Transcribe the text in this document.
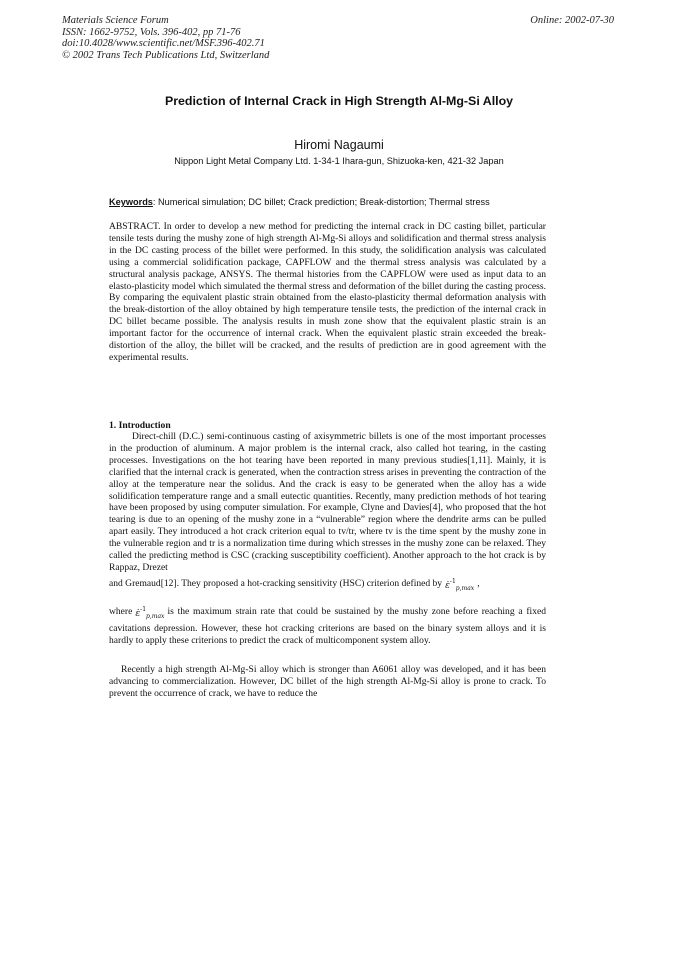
Materials Science Forum
ISSN: 1662-9752, Vols. 396-402, pp 71-76
doi:10.4028/www.scientific.net/MSF.396-402.71
© 2002 Trans Tech Publications Ltd, Switzerland
Online: 2002-07-30
Prediction of Internal Crack in High Strength Al-Mg-Si Alloy
Hiromi Nagaumi
Nippon Light Metal Company Ltd. 1-34-1 Ihara-gun, Shizuoka-ken, 421-32 Japan
Keywords: Numerical simulation; DC billet; Crack prediction; Break-distortion; Thermal stress

ABSTRACT. In order to develop a new method for predicting the internal crack in DC casting billet, particular tensile tests during the mushy zone of high strength Al-Mg-Si alloys and solidification and thermal stress analysis in the DC casting process of the billet were performed. In this study, the solidification analysis was calculated using a commercial solidification package, CAPFLOW and the thermal stress analysis was calculated by a structural analysis package, ANSYS. The thermal histories from the CAPFLOW were used as input data to an elasto-plasticity model which simulated the thermal stress and deformation of the billet during the casting process. By comparing the equivalent plastic strain obtained from the elasto-plasticity thermal deformation analysis with the break-distortion of the alloy obtained by high temperature tensile tests, the prediction of the internal crack in DC billet became possible. The analysis results in mush zone show that the equivalent plastic strain is an important factor for the occurrence of internal crack. When the equivalent plastic strain exceeded the break-distortion of the alloy, the billet will be cracked, and the results of prediction are in good agreement with the experimental results.

1. Introduction

Direct-chill (D.C.) semi-continuous casting of axisymmetric billets is one of the most important processes in the production of aluminum. A major problem is the internal crack, also called hot tearing, in the casting processes. Investigations on the hot tearing have been reported in many previous studies[1,11]. Mainly, it is clarified that the internal crack is generated, when the contraction stress arises in preventing the contraction of the alloy at the temperature near the solidus. And the crack is easy to be generated when the alloy has a wide solidification temperature range and a small eutectic quantities. Recently, many prediction methods of hot tearing have been proposed by using computer simulation. For example, Clyne and Davies[4], who proposed that the hot tearing is due to an opening of the mushy zone in a “vulnerable” region where the dendrite arms can be pulled apart easily. They introduced a hot crack criterion equal to tv/tr, where tv is the time spent by the mushy zone in the vulnerable region and tr is a normalization time during which stresses in the mushy zone can be relaxed. They called the predicting method is CSC (cracking susceptibility coefficient). Another approach to the hot crack is by Rappaz, Drezet

and Gremaud[12]. They proposed a hot-cracking sensitivity (HSC) criterion defined by ε̇$^{-1}_{p,max}$ ,

where ε̇$^{-1}_{p,max}$ is the maximum strain rate that could be sustained by the mushy zone before reaching a fixed cavitations depression. However, these hot cracking criterions are based on the binary system alloys and it is hardly to apply these criterions to predict the crack of multicomponent system alloy.

Recently a high strength Al-Mg-Si alloy which is stronger than A6061 alloy was developed, and it has been advancing to commercialization. However, DC billet of the high strength Al-Mg-Si alloy is prone to crack. To prevent the occurrence of crack, we have to reduce the
